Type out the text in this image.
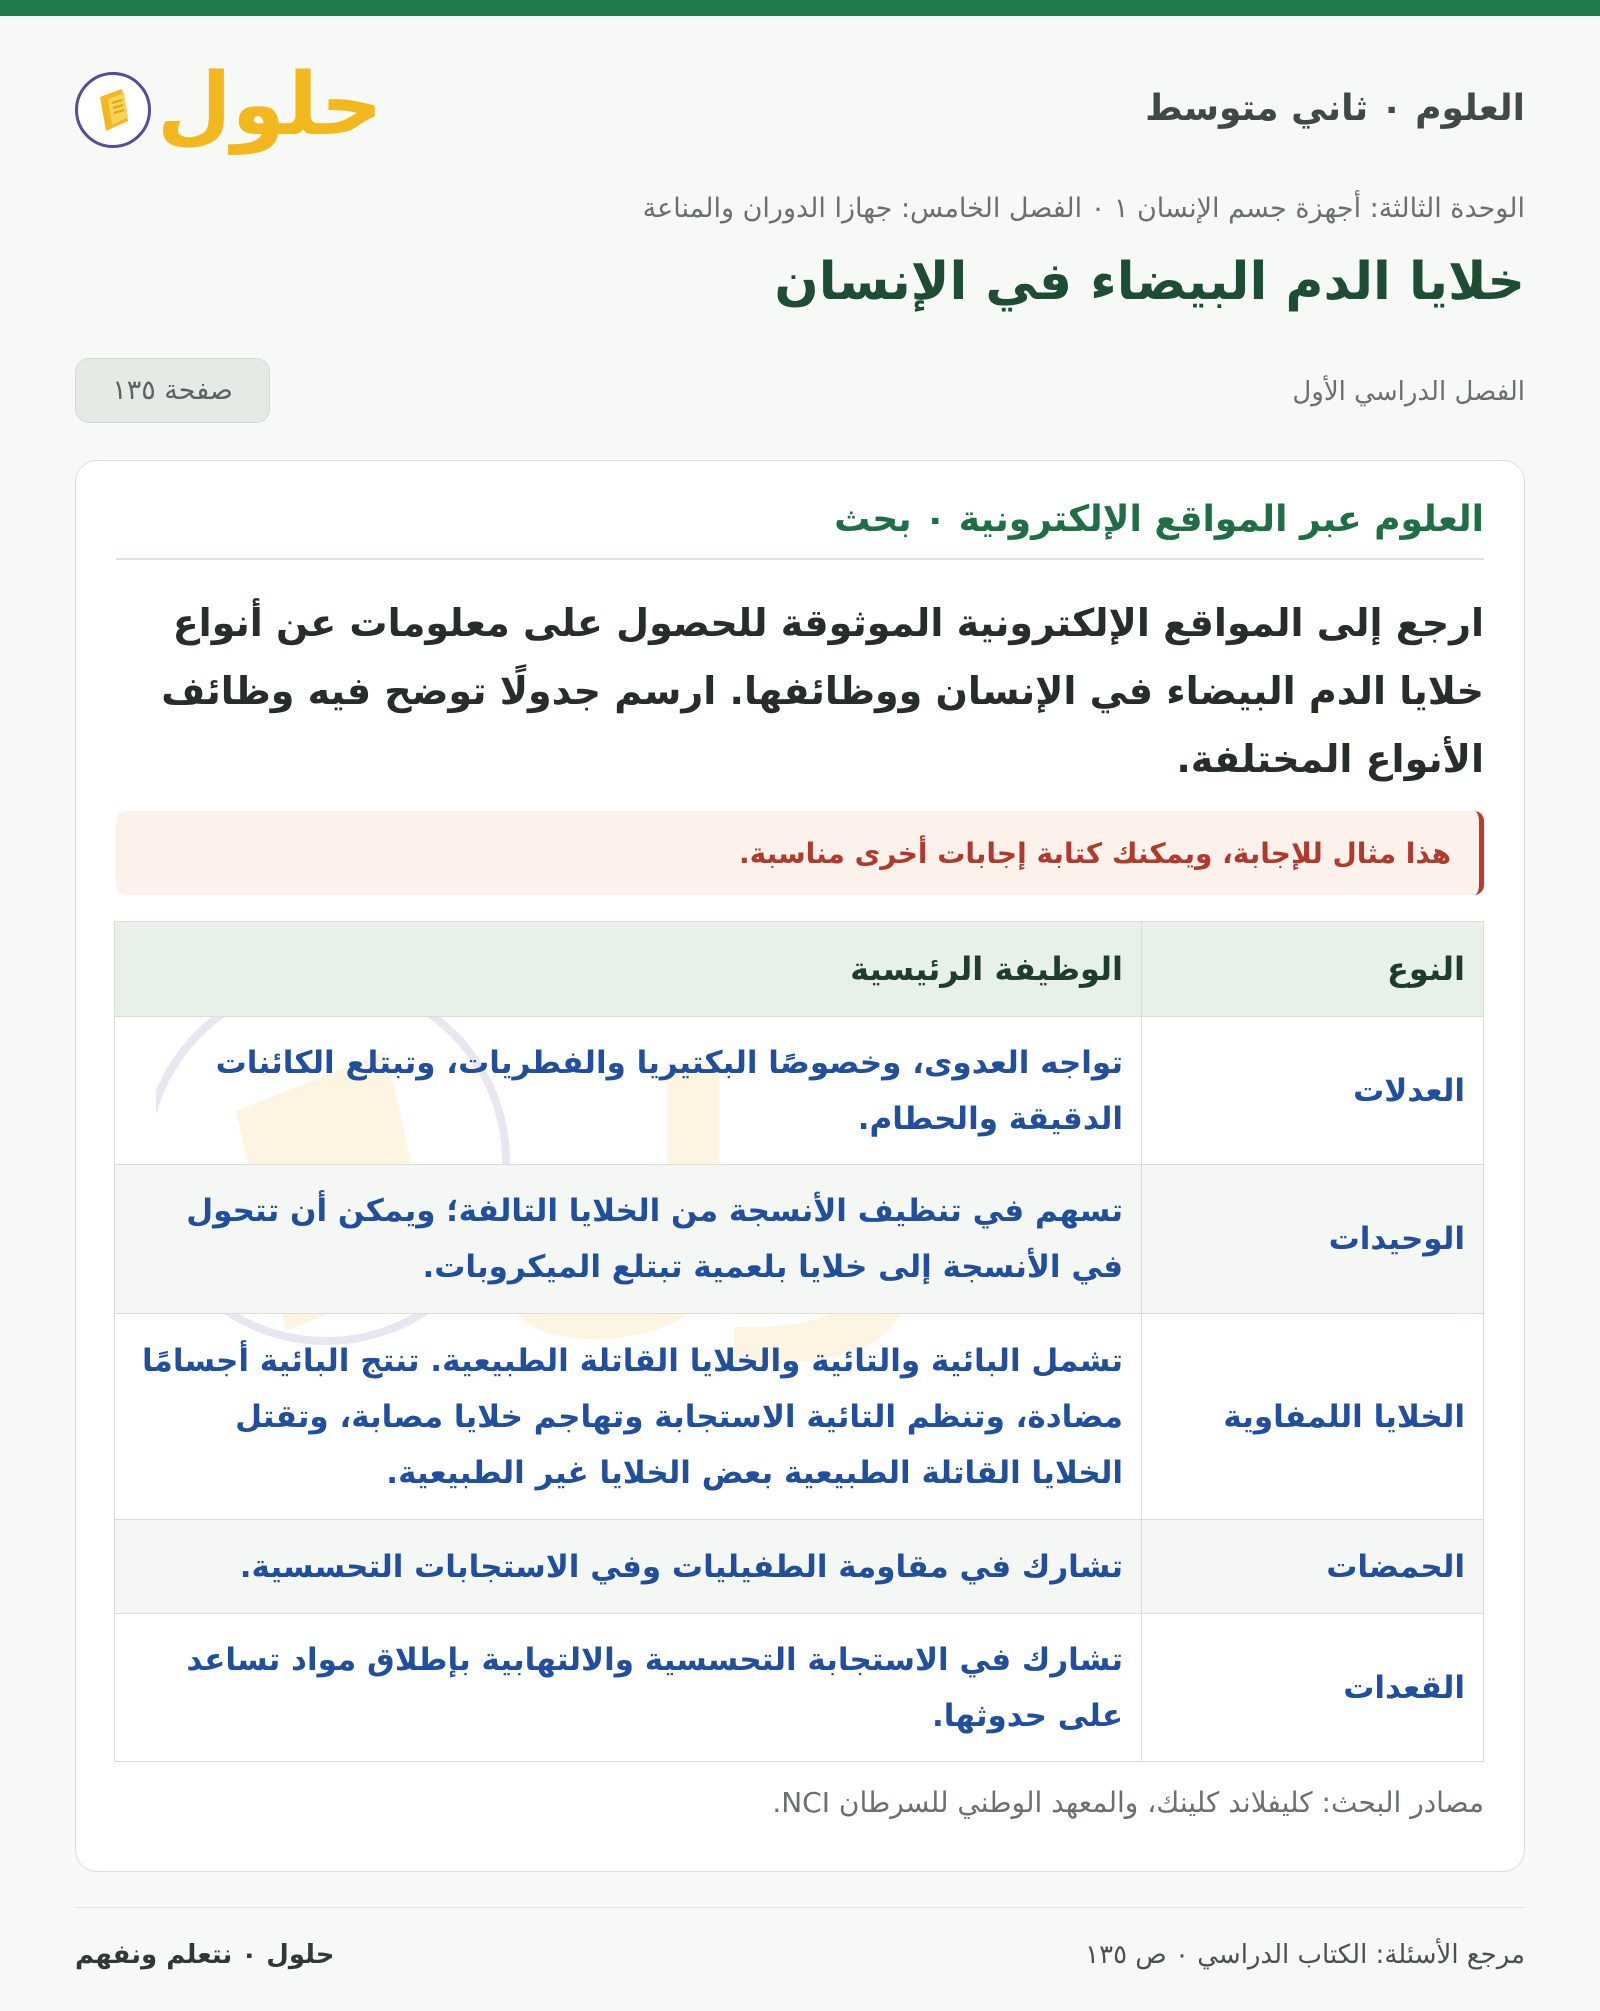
العلوم ٠ ثاني متوسط
حلول
الوحدة الثالثة: أجهزة جسم الإنسان ١ ٠ الفصل الخامس: جهازا الدوران والمناعة
خلايا الدم البيضاء في الإنسان
الفصل الدراسي الأول
صفحة ١٣٥
العلوم عبر المواقع الإلكترونية ٠ بحث

ارجع إلى المواقع الإلكترونية الموثوقة للحصول على معلومات عن أنواع خلايا الدم البيضاء في الإنسان ووظائفها. ارسم جدولًا توضح فيه وظائف الأنواع المختلفة.

هذا مثال للإجابة، ويمكنك كتابة إجابات أخرى مناسبة.
النوع	الوظيفة الرئيسية
العدلات	تواجه العدوى، وخصوصًا البكتيريا والفطريات، وتبتلع الكائنات الدقيقة والحطام.
الوحيدات	تسهم في تنظيف الأنسجة من الخلايا التالفة؛ ويمكن أن تتحول في الأنسجة إلى خلايا بلعمية تبتلع الميكروبات.
الخلايا اللمفاوية	تشمل البائية والتائية والخلايا القاتلة الطبيعية. تنتج البائية أجسامًا مضادة، وتنظم التائية الاستجابة وتهاجم خلايا مصابة، وتقتل الخلايا القاتلة الطبيعية بعض الخلايا غير الطبيعية.
الحمضات	تشارك في مقاومة الطفيليات وفي الاستجابات التحسسية.
القعدات	تشارك في الاستجابة التحسسية والالتهابية بإطلاق مواد تساعد على حدوثها.
مصادر البحث: كليفلاند كلينك، والمعهد الوطني للسرطان NCI.
مرجع الأسئلة: الكتاب الدراسي ٠ ص ١٣٥
حلول ٠ نتعلم ونفهم
